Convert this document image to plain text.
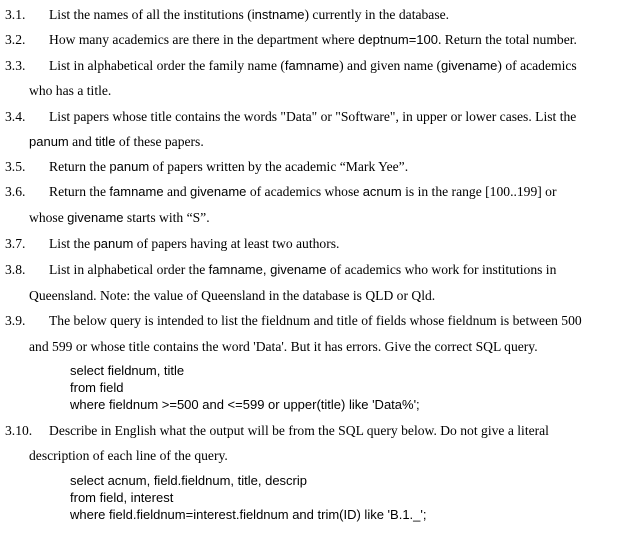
3.1. List the names of all the institutions (instname) currently in the database.
3.2. How many academics are there in the department where deptnum=100. Return the total number.
3.3. List in alphabetical order the family name (famname) and given name (givename) of academics
who has a title.
3.4. List papers whose title contains the words "Data" or "Software", in upper or lower cases. List the
panum and title of these papers.
3.5. Return the panum of papers written by the academic “Mark Yee”.
3.6. Return the famname and givename of academics whose acnum is in the range [100..199] or
whose givename starts with “S”.
3.7. List the panum of papers having at least two authors.
3.8. List in alphabetical order the famname, givename of academics who work for institutions in
Queensland. Note: the value of Queensland in the database is QLD or Qld.
3.9. The below query is intended to list the fieldnum and title of fields whose fieldnum is between 500
and 599 or whose title contains the word 'Data'. But it has errors. Give the correct SQL query.
select fieldnum, title
from field
where fieldnum >=500 and <=599 or upper(title) like 'Data%';
3.10. Describe in English what the output will be from the SQL query below. Do not give a literal
description of each line of the query.
select acnum, field.fieldnum, title, descrip
from field, interest
where field.fieldnum=interest.fieldnum and trim(ID) like 'B.1._';
